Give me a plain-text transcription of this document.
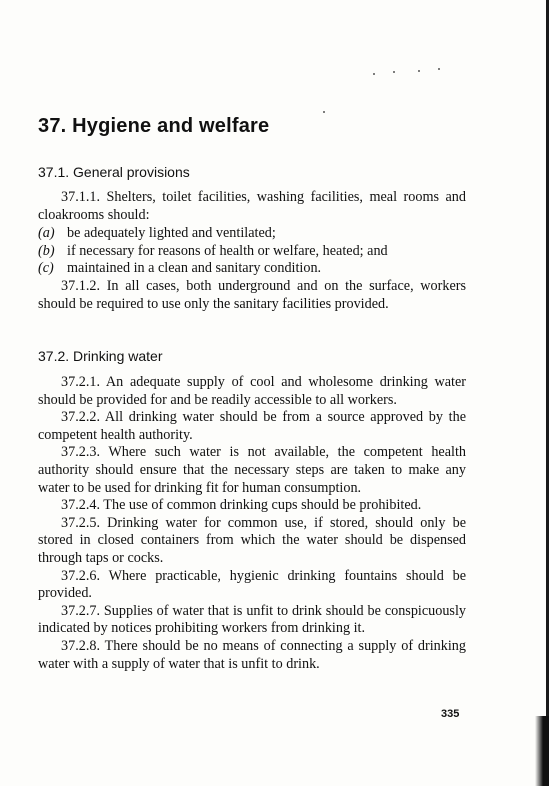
37. Hygiene and welfare
37.1. General provisions

37.1.1. Shelters, toilet facilities, washing facilities, meal rooms and cloakrooms should:

(a) be adequately lighted and ventilated;
(b) if necessary for reasons of health or welfare, heated; and
(c) maintained in a clean and sanitary condition.

37.1.2. In all cases, both underground and on the surface, workers should be required to use only the sanitary facilities provided.

37.2. Drinking water

37.2.1. An adequate supply of cool and wholesome drinking water should be provided for and be readily accessible to all workers.

37.2.2. All drinking water should be from a source approved by the competent health authority.

37.2.3. Where such water is not available, the competent health authority should ensure that the necessary steps are taken to make any water to be used for drinking fit for human consumption.

37.2.4. The use of common drinking cups should be prohibited.

37.2.5. Drinking water for common use, if stored, should only be stored in closed containers from which the water should be dispensed through taps or cocks.

37.2.6. Where practicable, hygienic drinking fountains should be provided.

37.2.7. Supplies of water that is unfit to drink should be conspicuously indicated by notices prohibiting workers from drinking it.

37.2.8. There should be no means of connecting a supply of drinking water with a supply of water that is unfit to drink.

335
